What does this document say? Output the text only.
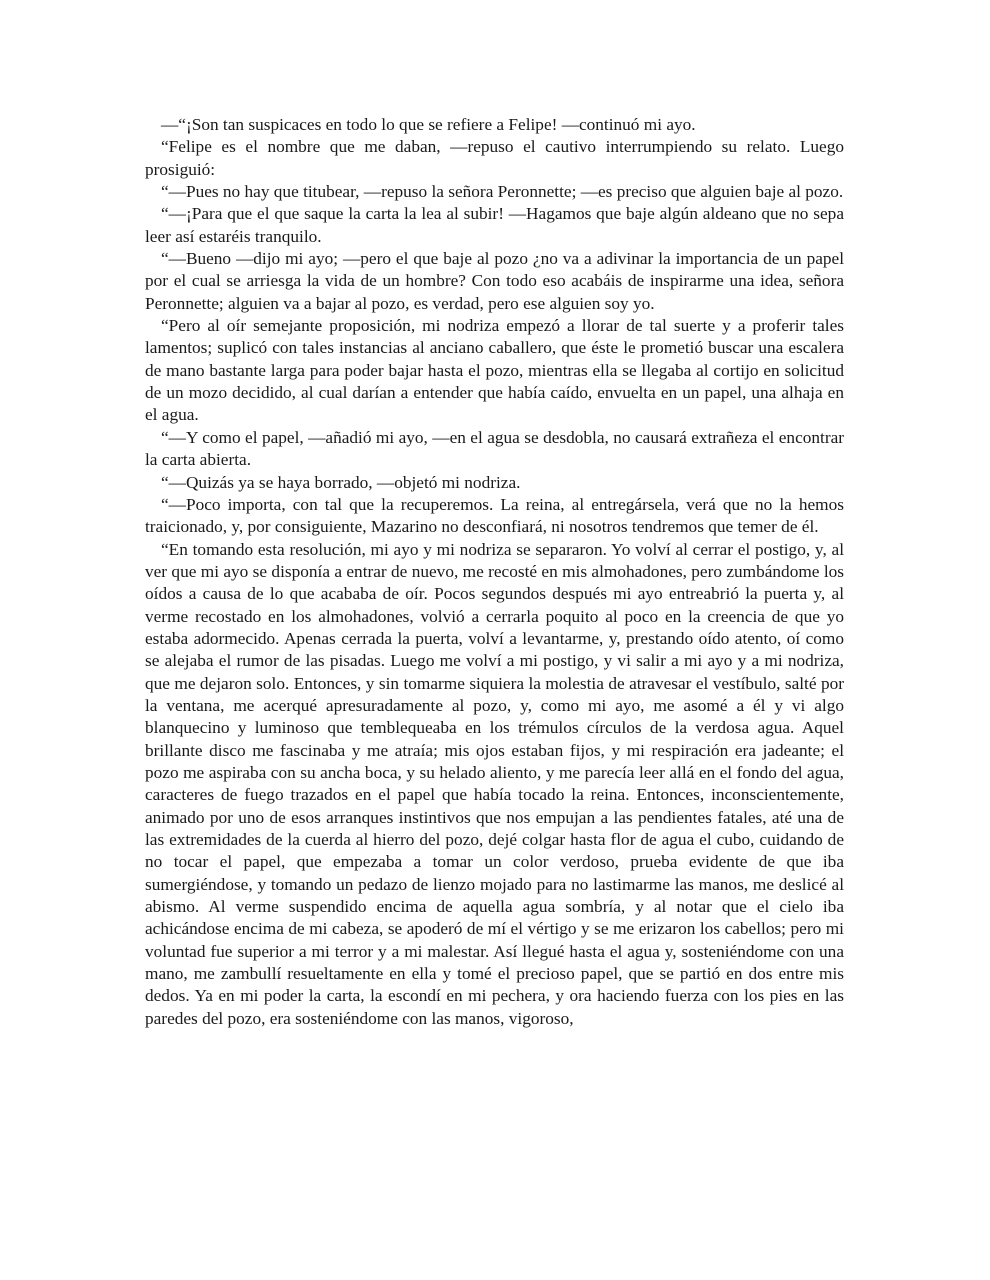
—“¡Son tan suspicaces en todo lo que se refiere a Felipe! —continuó mi ayo.

“Felipe es el nombre que me daban, —repuso el cautivo interrumpiendo su relato. Luego prosiguió:

“—Pues no hay que titubear, —repuso la señora Peronnette; —es preciso que alguien baje al pozo.

“—¡Para que el que saque la carta la lea al subir! —Hagamos que baje algún aldeano que no sepa leer así estaréis tranquilo.

“—Bueno —dijo mi ayo; —pero el que baje al pozo ¿no va a adivinar la importancia de un papel por el cual se arriesga la vida de un hombre? Con todo eso acabáis de inspirarme una idea, señora Peronnette; alguien va a bajar al pozo, es verdad, pero ese alguien soy yo.

“Pero al oír semejante proposición, mi nodriza empezó a llorar de tal suerte y a proferir tales lamentos; suplicó con tales instancias al anciano caballero, que éste le prometió buscar una escalera de mano bastante larga para poder bajar hasta el pozo, mientras ella se llegaba al cortijo en solicitud de un mozo decidido, al cual darían a entender que había caído, envuelta en un papel, una alhaja en el agua.

“—Y como el papel, —añadió mi ayo, —en el agua se desdobla, no causará extrañeza el encontrar la carta abierta.

“—Quizás ya se haya borrado, —objetó mi nodriza.

“—Poco importa, con tal que la recuperemos. La reina, al entregársela, verá que no la hemos traicionado, y, por consiguiente, Mazarino no desconfiará, ni nosotros tendremos que temer de él.

“En tomando esta resolución, mi ayo y mi nodriza se separaron. Yo volví al cerrar el postigo, y, al ver que mi ayo se disponía a entrar de nuevo, me recosté en mis almohadones, pero zumbándome los oídos a causa de lo que acababa de oír. Pocos segundos después mi ayo entreabrió la puerta y, al verme recostado en los almohadones, volvió a cerrarla poquito al poco en la creencia de que yo estaba adormecido. Apenas cerrada la puerta, volví a levantarme, y, prestando oído atento, oí como se alejaba el rumor de las pisadas. Luego me volví a mi postigo, y vi salir a mi ayo y a mi nodriza, que me dejaron solo. Entonces, y sin tomarme siquiera la molestia de atravesar el vestíbulo, salté por la ventana, me acerqué apresuradamente al pozo, y, como mi ayo, me asomé a él y vi algo blanquecino y luminoso que temblequeaba en los trémulos círculos de la verdosa agua. Aquel brillante disco me fascinaba y me atraía; mis ojos estaban fijos, y mi respiración era jadeante; el pozo me aspiraba con su ancha boca, y su helado aliento, y me parecía leer allá en el fondo del agua, caracteres de fuego trazados en el papel que había tocado la reina. Entonces, inconscientemente, animado por uno de esos arranques instintivos que nos empujan a las pendientes fatales, até una de las extremidades de la cuerda al hierro del pozo, dejé colgar hasta flor de agua el cubo, cuidando de no tocar el papel, que empezaba a tomar un color verdoso, prueba evidente de que iba sumergiéndose, y tomando un pedazo de lienzo mojado para no lastimarme las manos, me deslicé al abismo. Al verme suspendido encima de aquella agua sombría, y al notar que el cielo iba achicándose encima de mi cabeza, se apoderó de mí el vértigo y se me erizaron los cabellos; pero mi voluntad fue superior a mi terror y a mi malestar. Así llegué hasta el agua y, sosteniéndome con una mano, me zambullí resueltamente en ella y tomé el precioso papel, que se partió en dos entre mis dedos. Ya en mi poder la carta, la escondí en mi pechera, y ora haciendo fuerza con los pies en las paredes del pozo, era sosteniéndome con las manos, vigoroso,
